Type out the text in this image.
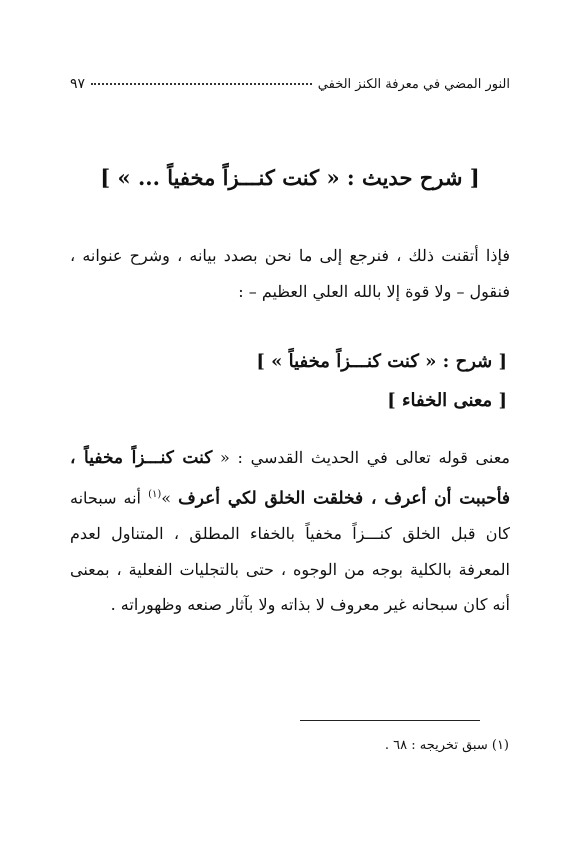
النور المضي في معرفة الكنز الخفي
٩٧
[ شرح حديث : « كنت كنـــزاً مخفياً ... » ]
فإذا أتقنت ذلك ، فنرجع إلى ما نحن بصدد بيانه ، وشرح عنوانه ، فنقول – ولا قوة إلا بالله العلي العظيم – :
[ شرح : « كنت كنـــزاً مخفياً » ]
[ معنى الخفاء ]
معنى قوله تعالى في الحديث القدسي : « كنت كنـــزاً مخفياً ، فأحببت أن أعرف ، فخلقت الخلق لكي أعرف »$^{(١)}$ أنه سبحانه كان قبل الخلق كنـــزاً مخفياً بالخفاء المطلق ، المتناول لعدم المعرفة بالكلية بوجه من الوجوه ، حتى بالتجليات الفعلية ، بمعنى أنه كان سبحانه غير معروف لا بذاته ولا بآثار صنعه وظهوراته .
(١) سبق تخريجه : ٦٨ .
